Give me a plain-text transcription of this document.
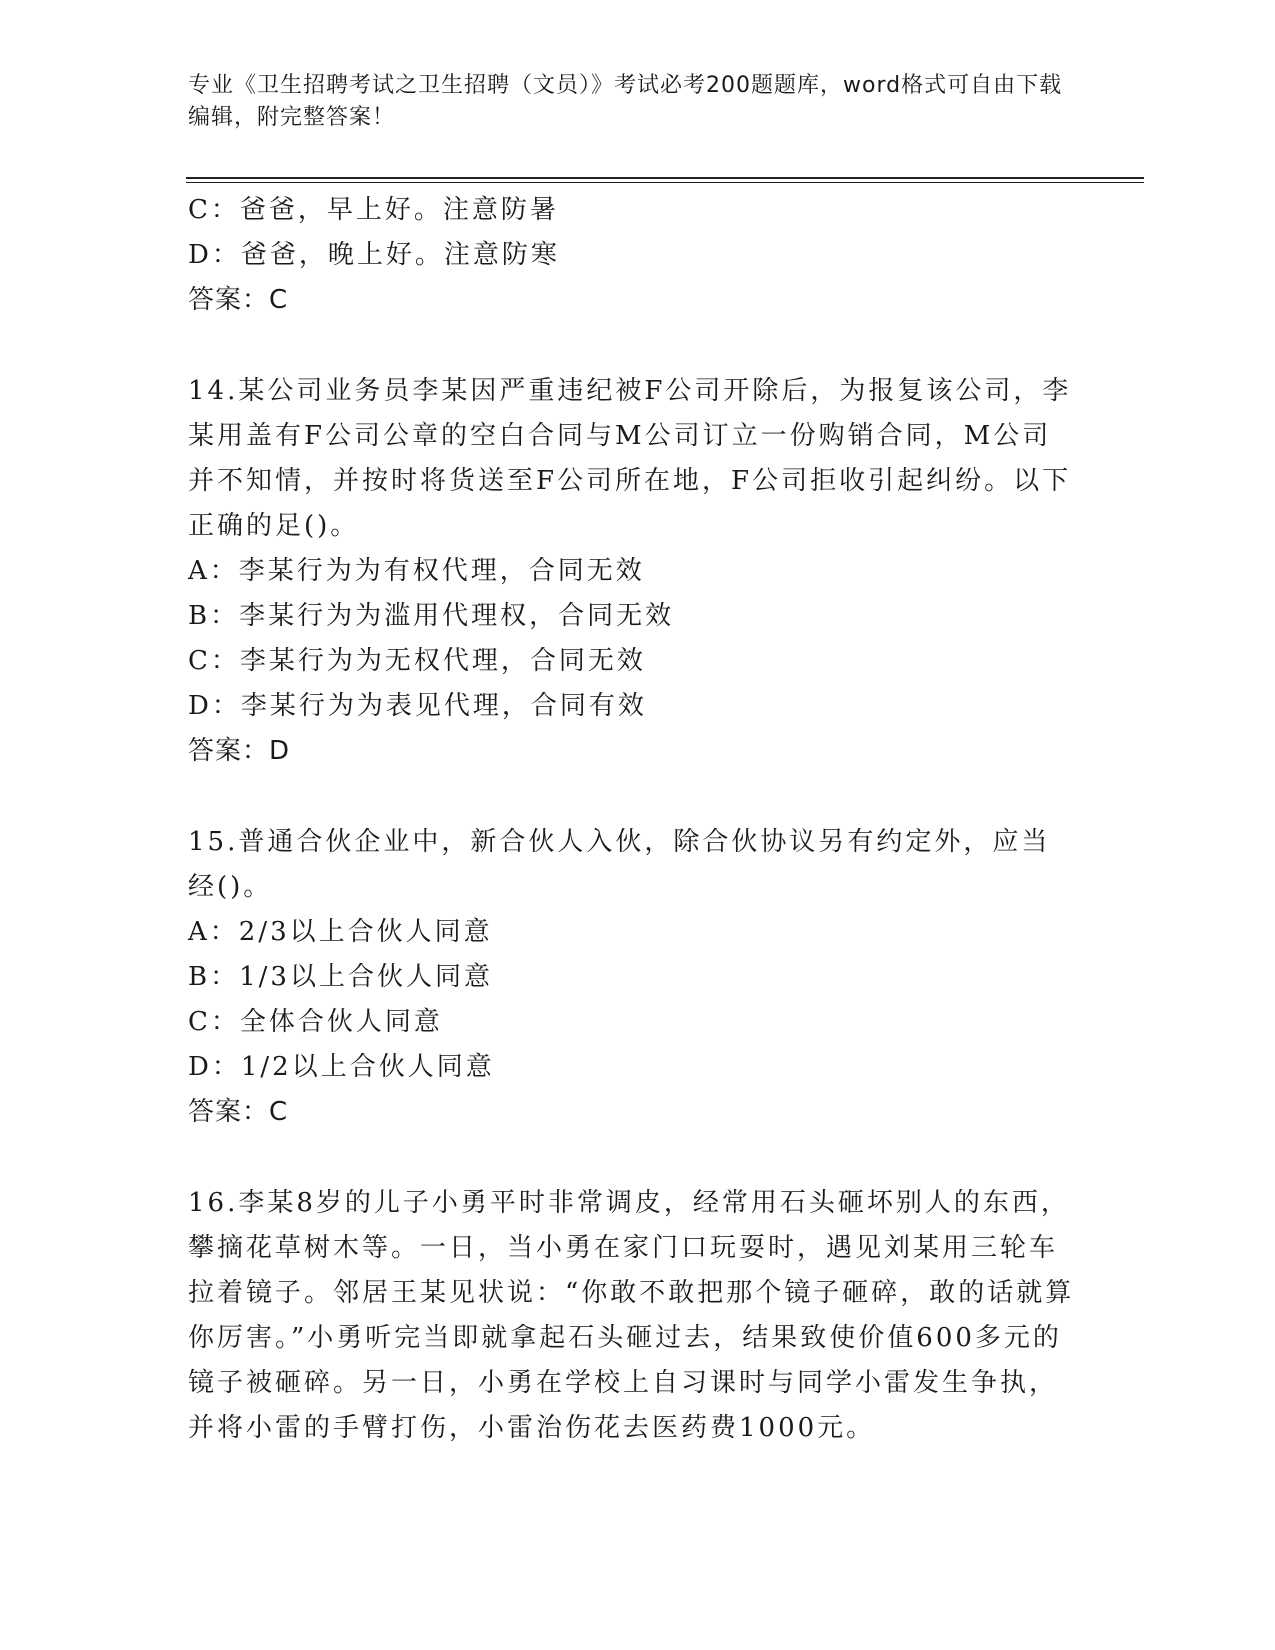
专业《卫生招聘考试之卫生招聘（文员）》考试必考200题题库，word格式可自由下载编辑，附完整答案！
C：爸爸，早上好。注意防暑
D：爸爸，晚上好。注意防寒
答案：C
14.某公司业务员李某因严重违纪被F公司开除后，为报复该公司，李某用盖有F公司公章的空白合同与M公司订立一份购销合同，M公司并不知情，并按时将货送至F公司所在地，F公司拒收引起纠纷。以下正确的足()。
A：李某行为为有权代理，合同无效
B：李某行为为滥用代理权，合同无效
C：李某行为为无权代理，合同无效
D：李某行为为表见代理，合同有效
答案：D
15.普通合伙企业中，新合伙人入伙，除合伙协议另有约定外，应当经()。
A：2/3以上合伙人同意
B：1/3以上合伙人同意
C：全体合伙人同意
D：1/2以上合伙人同意
答案：C
16.李某8岁的儿子小勇平时非常调皮，经常用石头砸坏别人的东西，攀摘花草树木等。一日，当小勇在家门口玩耍时，遇见刘某用三轮车拉着镜子。邻居王某见状说：“你敢不敢把那个镜子砸碎，敢的话就算你厉害。”小勇听完当即就拿起石头砸过去，结果致使价值600多元的镜子被砸碎。另一日，小勇在学校上自习课时与同学小雷发生争执，并将小雷的手臂打伤，小雷治伤花去医药费1000元。
